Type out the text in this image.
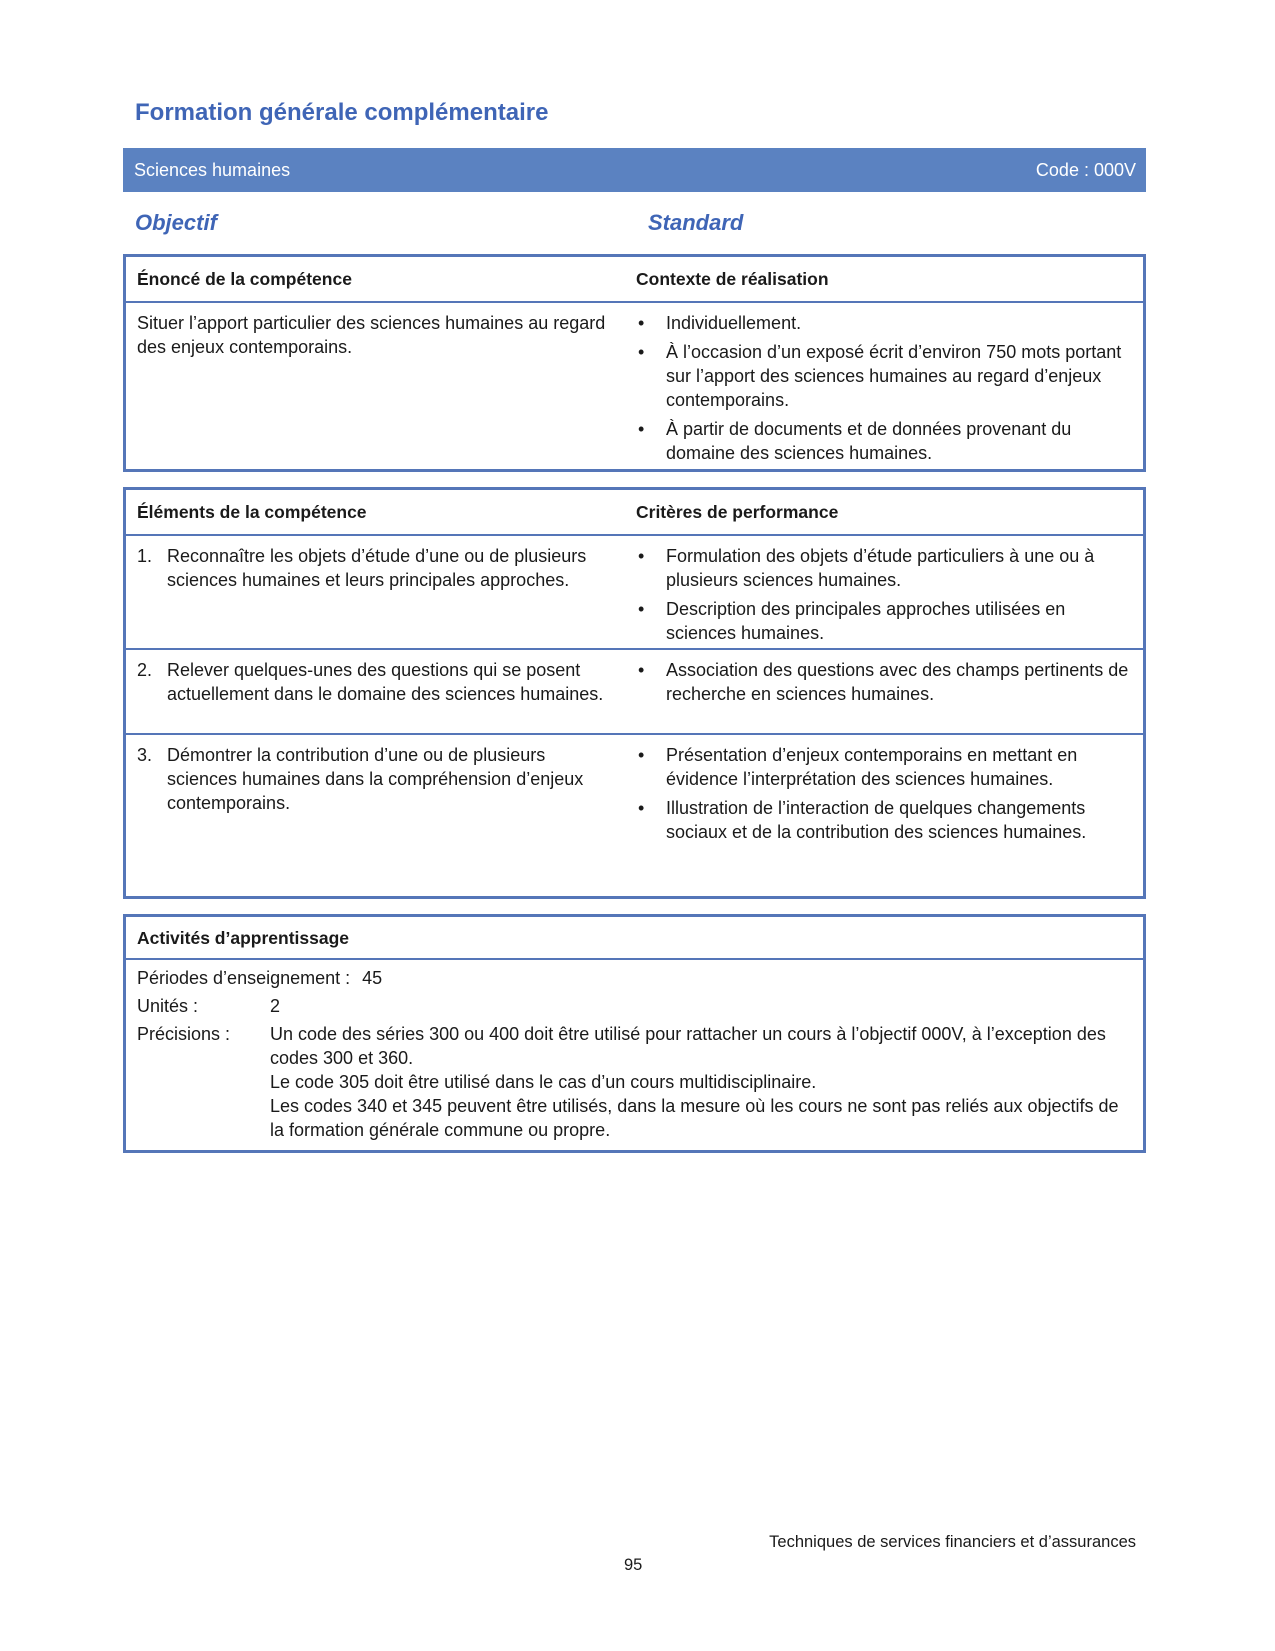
Formation générale complémentaire
Sciences humaines	Code : 000V
Objectif	Standard
Énoncé de la compétence	Contexte de réalisation
Situer l’apport particulier des sciences humaines au regard des enjeux contemporains.
• Individuellement.
• À l’occasion d’un exposé écrit d’environ 750 mots portant sur l’apport des sciences humaines au regard d’enjeux contemporains.
• À partir de documents et de données provenant du domaine des sciences humaines.
Éléments de la compétence	Critères de performance
1. Reconnaître les objets d’étude d’une ou de plusieurs sciences humaines et leurs principales approches.
• Formulation des objets d’étude particuliers à une ou à plusieurs sciences humaines.
• Description des principales approches utilisées en sciences humaines.
2. Relever quelques-unes des questions qui se posent actuellement dans le domaine des sciences humaines.
• Association des questions avec des champs pertinents de recherche en sciences humaines.
3. Démontrer la contribution d’une ou de plusieurs sciences humaines dans la compréhension d’enjeux contemporains.
• Présentation d’enjeux contemporains en mettant en évidence l’interprétation des sciences humaines.
• Illustration de l’interaction de quelques changements sociaux et de la contribution des sciences humaines.
Activités d’apprentissage
Périodes d’enseignement : 45
Unités :	2
Précisions :	Un code des séries 300 ou 400 doit être utilisé pour rattacher un cours à l’objectif 000V, à l’exception des codes 300 et 360.
Le code 305 doit être utilisé dans le cas d’un cours multidisciplinaire.
Les codes 340 et 345 peuvent être utilisés, dans la mesure où les cours ne sont pas reliés aux objectifs de la formation générale commune ou propre.
Techniques de services financiers et d’assurances
95
